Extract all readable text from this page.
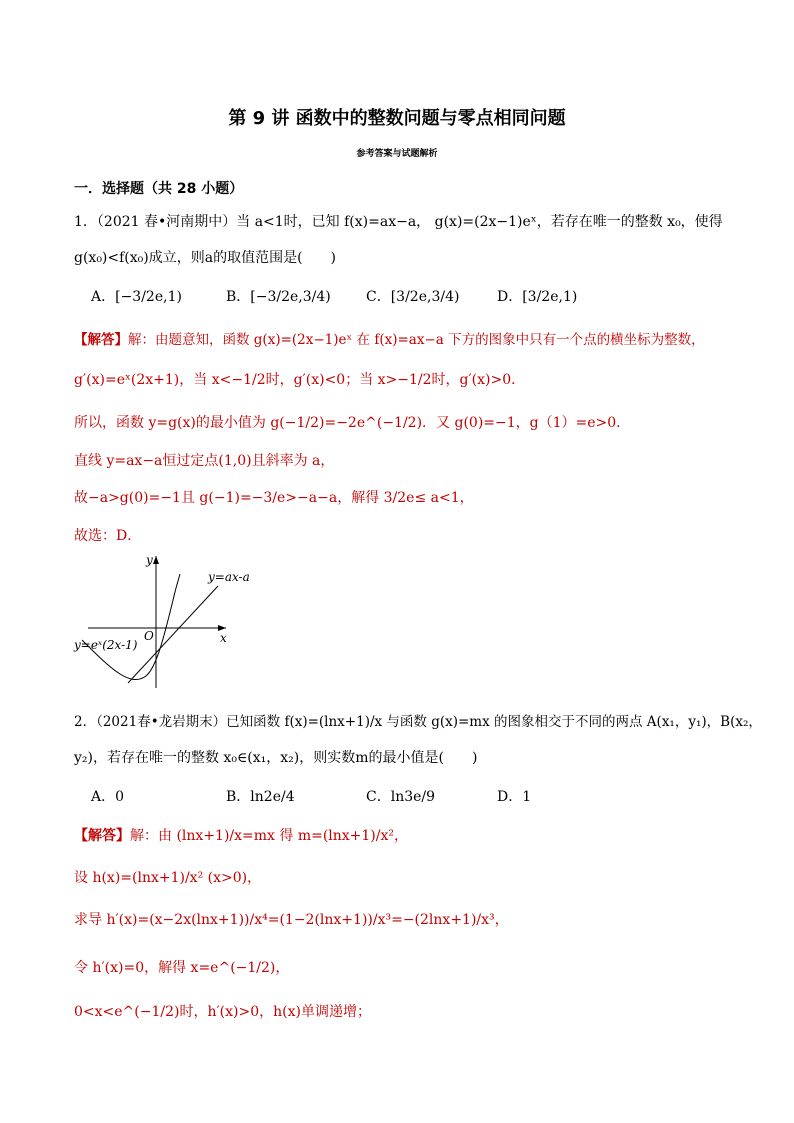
第 9 讲 函数中的整数问题与零点相同问题
参考答案与试题解析
一．选择题（共 28 小题）
1．（2021 春•河南期中）当 a<1时，已知 f(x)=ax−a， g(x)=(2x−1)eˣ，若存在唯一的整数 x₀，使得
g(x₀)<f(x₀)成立，则a的取值范围是(　　)
A．[−3/2e,1)	B．[−3/2e,3/4)	C．[3/2e,3/4)	D．[3/2e,1)
【解答】解：由题意知，函数 g(x)=(2x−1)eˣ 在 f(x)=ax−a 下方的图象中只有一个点的横坐标为整数，
g′(x)=eˣ(2x+1)，当 x<−1/2时，g′(x)<0；当 x>−1/2时，g′(x)>0．
所以，函数 y=g(x)的最小值为 g(−1/2)=−2e^(−1/2)．又 g(0)=−1，g（1）=e>0．
直线 y=ax−a恒过定点(1,0)且斜率为 a，
故−a>g(0)=−1且 g(−1)=−3/e>−a−a，解得 3/2e≤ a<1，
故选：D．
y=ax-a
y=eˣ(2x-1)	x
y
O
2．（2021春•龙岩期末）已知函数 f(x)=(lnx+1)/x 与函数 g(x)=mx 的图象相交于不同的两点 A(x₁，y₁)，B(x₂，
y₂)，若存在唯一的整数 x₀∈(x₁，x₂)，则实数m的最小值是(　　)
A．0	B．ln2e/4	C．ln3e/9	D．1
【解答】解：由 (lnx+1)/x=mx 得 m=(lnx+1)/x²，
设 h(x)=(lnx+1)/x² (x>0)，
求导 h′(x)=(x−2x(lnx+1))/x⁴=(1−2(lnx+1))/x³=−(2lnx+1)/x³，
令 h′(x)=0，解得 x=e^(−1/2)，
0<x<e^(−1/2)时，h′(x)>0，h(x)单调递增；
